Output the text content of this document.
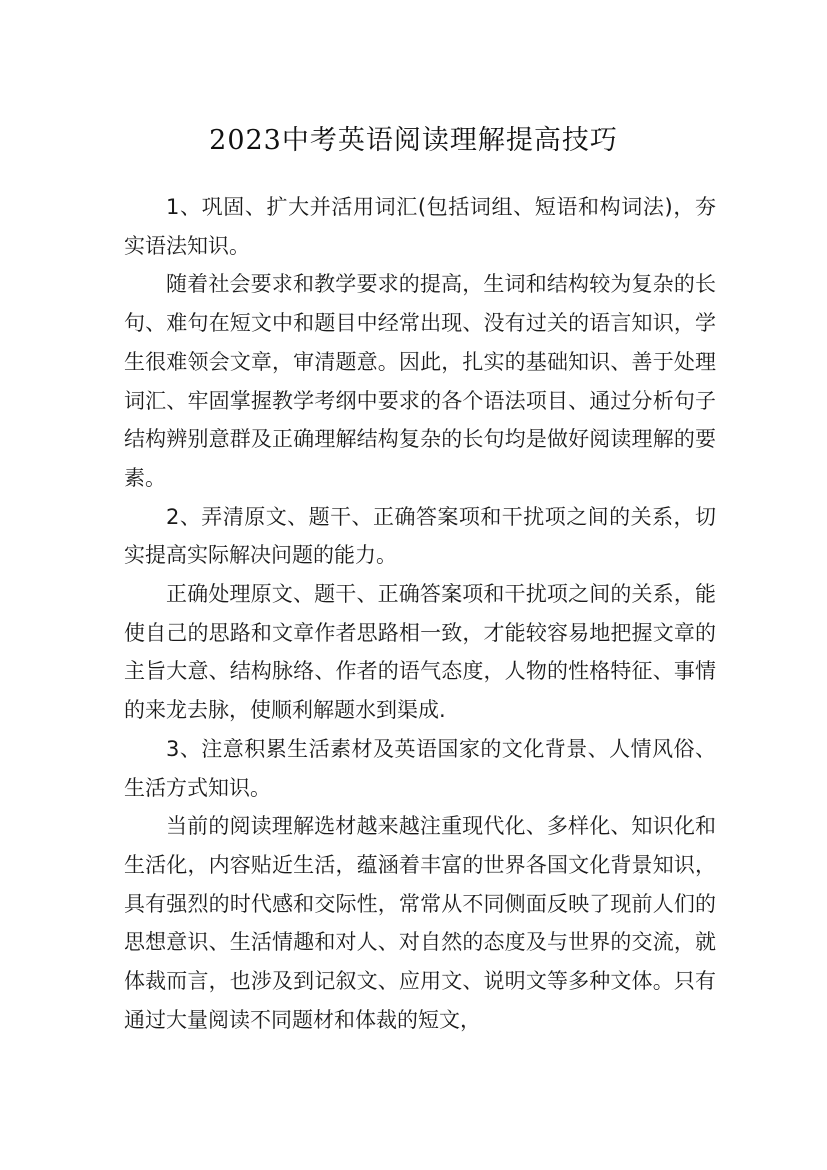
2023中考英语阅读理解提高技巧

1、巩固、扩大并活用词汇(包括词组、短语和构词法)，夯实语法知识。

随着社会要求和教学要求的提高，生词和结构较为复杂的长句、难句在短文中和题目中经常出现、没有过关的语言知识，学生很难领会文章，审清题意。因此，扎实的基础知识、善于处理词汇、牢固掌握教学考纲中要求的各个语法项目、通过分析句子结构辨别意群及正确理解结构复杂的长句均是做好阅读理解的要素。

2、弄清原文、题干、正确答案项和干扰项之间的关系，切实提高实际解决问题的能力。

正确处理原文、题干、正确答案项和干扰项之间的关系，能使自己的思路和文章作者思路相一致，才能较容易地把握文章的主旨大意、结构脉络、作者的语气态度，人物的性格特征、事情的来龙去脉，使顺利解题水到渠成.

3、注意积累生活素材及英语国家的文化背景、人情风俗、生活方式知识。

当前的阅读理解选材越来越注重现代化、多样化、知识化和生活化，内容贴近生活，蕴涵着丰富的世界各国文化背景知识，具有强烈的时代感和交际性，常常从不同侧面反映了现前人们的思想意识、生活情趣和对人、对自然的态度及与世界的交流，就体裁而言，也涉及到记叙文、应用文、说明文等多种文体。只有通过大量阅读不同题材和体裁的短文，
